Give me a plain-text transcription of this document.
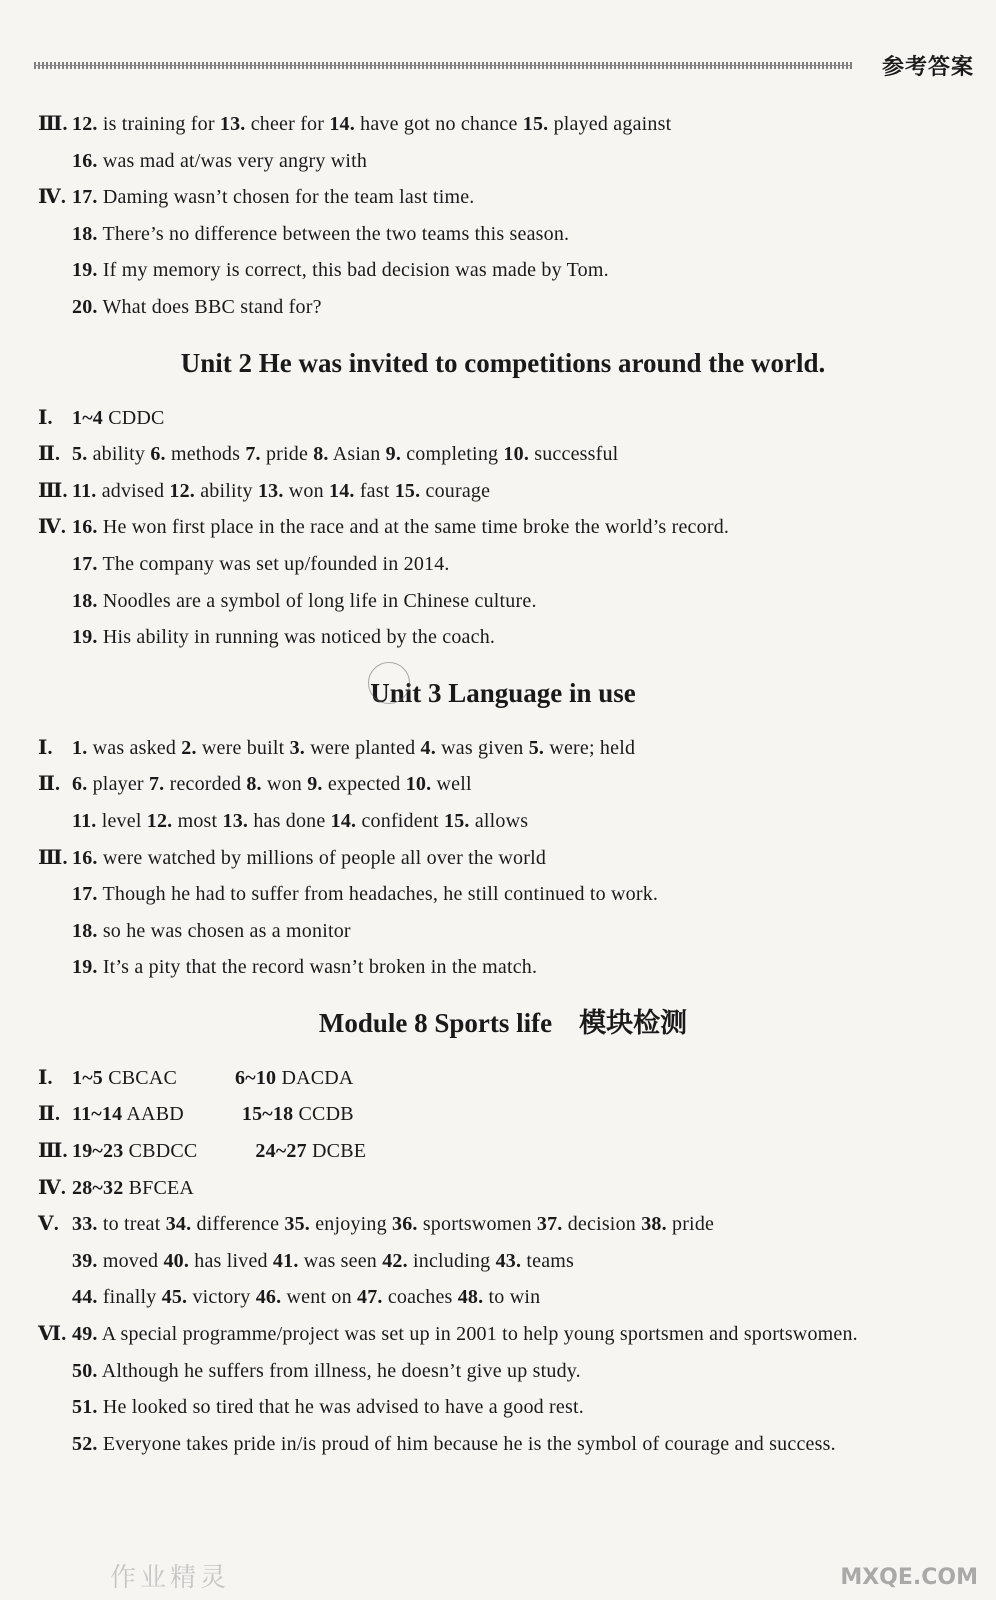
参考答案
Ⅲ. 12. is training for 13. cheer for 14. have got no chance 15. played against
16. was mad at/was very angry with
Ⅳ. 17. Daming wasn’t chosen for the team last time.
18. There’s no difference between the two teams this season.
19. If my memory is correct, this bad decision was made by Tom.
20. What does BBC stand for?
Unit 2 He was invited to competitions around the world.
Ⅰ. 1~4 CDDC
Ⅱ. 5. ability 6. methods 7. pride 8. Asian 9. completing 10. successful
Ⅲ. 11. advised 12. ability 13. won 14. fast 15. courage
Ⅳ. 16. He won first place in the race and at the same time broke the world’s record.
17. The company was set up/founded in 2014.
18. Noodles are a symbol of long life in Chinese culture.
19. His ability in running was noticed by the coach.
Unit 3 Language in use
Ⅰ. 1. was asked 2. were built 3. were planted 4. was given 5. were; held
Ⅱ. 6. player 7. recorded 8. won 9. expected 10. well
11. level 12. most 13. has done 14. confident 15. allows
Ⅲ. 16. were watched by millions of people all over the world
17. Though he had to suffer from headaches, he still continued to work.
18. so he was chosen as a monitor
19. It’s a pity that the record wasn’t broken in the match.
Module 8 Sports life 模块检测
Ⅰ. 1~5 CBCAC	6~10 DACDA
Ⅱ. 11~14 AABD	15~18 CCDB
Ⅲ. 19~23 CBDCC	24~27 DCBE
Ⅳ. 28~32 BFCEA
Ⅴ. 33. to treat 34. difference 35. enjoying 36. sportswomen 37. decision 38. pride
39. moved 40. has lived 41. was seen 42. including 43. teams
44. finally 45. victory 46. went on 47. coaches 48. to win
Ⅵ. 49. A special programme/project was set up in 2001 to help young sportsmen and sportswomen.
50. Although he suffers from illness, he doesn’t give up study.
51. He looked so tired that he was advised to have a good rest.
52. Everyone takes pride in/is proud of him because he is the symbol of courage and success.
作业精灵	MXQE.COM
